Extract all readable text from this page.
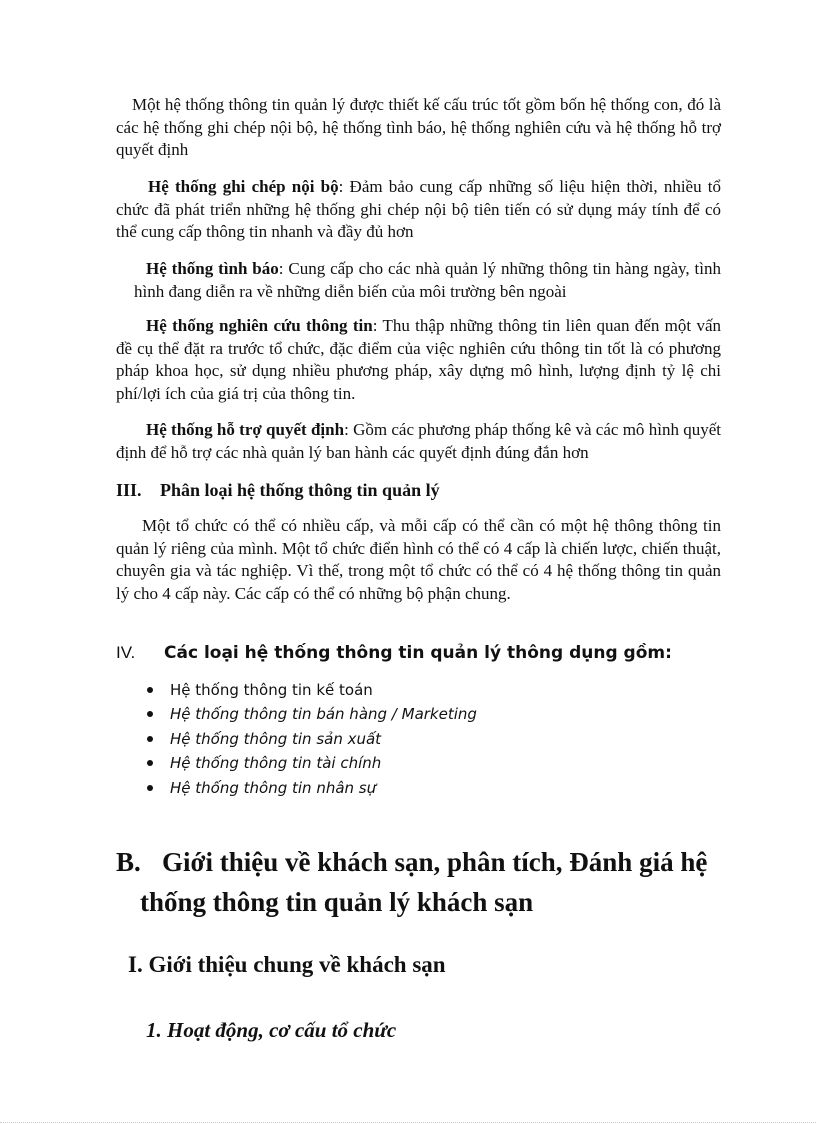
Một hệ thống thông tin quản lý được thiết kế cấu trúc tốt gồm bốn hệ thống con, đó là các hệ thống ghi chép nội bộ, hệ thống tình báo, hệ thống nghiên cứu và hệ thống hỗ trợ quyết định
Hệ thống ghi chép nội bộ: Đảm bảo cung cấp những số liệu hiện thời, nhiều tổ chức đã phát triển những hệ thống ghi chép nội bộ tiên tiến có sử dụng máy tính để có thể cung cấp thông tin nhanh và đầy đủ hơn
Hệ thống tình báo: Cung cấp cho các nhà quản lý những thông tin hàng ngày, tình hình đang diễn ra về những diễn biến của môi trường bên ngoài
Hệ thống nghiên cứu thông tin: Thu thập những thông tin liên quan đến một vấn đề cụ thể đặt ra trước tổ chức, đặc điểm của việc nghiên cứu thông tin tốt là có phương pháp khoa học, sử dụng nhiều phương pháp, xây dựng mô hình, lượng định tỷ lệ chi phí/lợi ích của giá trị của thông tin.
Hệ thống hỗ trợ quyết định: Gồm các phương pháp thống kê và các mô hình quyết định để hỗ trợ các nhà quản lý ban hành các quyết định đúng đắn hơn
III. Phân loại hệ thống thông tin quản lý
Một tổ chức có thể có nhiều cấp, và mỗi cấp có thể cần có một hệ thông thông tin quản lý riêng của mình. Một tổ chức điển hình có thể có 4 cấp là chiến lược, chiến thuật, chuyên gia và tác nghiệp. Vì thế, trong một tổ chức có thể có 4 hệ thống thông tin quản lý cho 4 cấp này. Các cấp có thể có những bộ phận chung.
IV. Các loại hệ thống thông tin quản lý thông dụng gồm:
Hệ thống thông tin kế toán
Hệ thống thông tin bán hàng / Marketing
Hệ thống thông tin sản xuất
Hệ thống thông tin tài chính
Hệ thống thông tin nhân sự
B. Giới thiệu về khách sạn, phân tích, Đánh giá hệ
thống thông tin quản lý khách sạn
I. Giới thiệu chung về khách sạn
1. Hoạt động, cơ cấu tổ chức
